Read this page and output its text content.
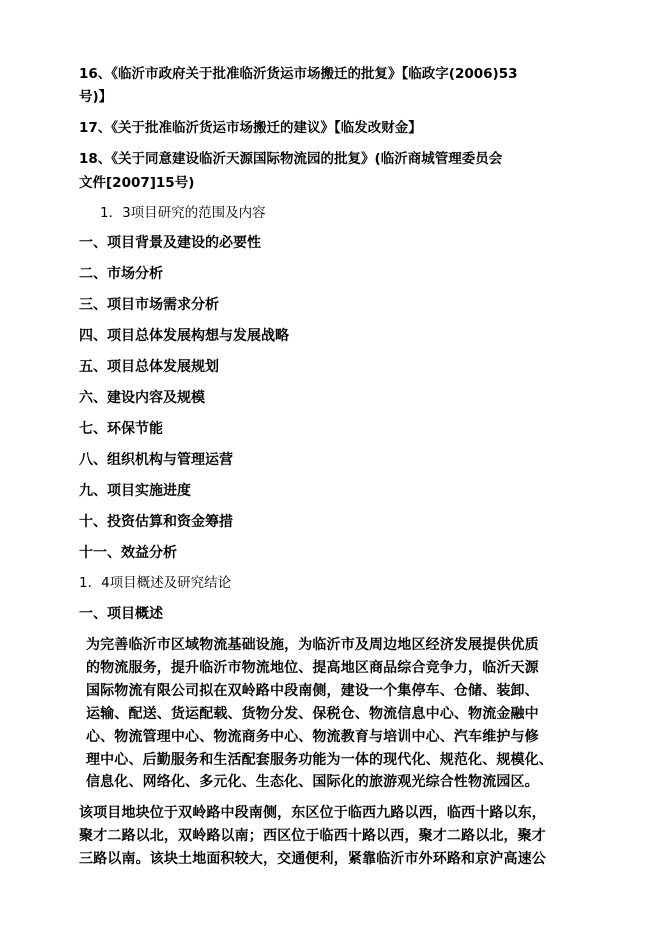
16、《临沂市政府关于批准临沂货运市场搬迁的批复》【临政字(2006)53

号)】

17、《关于批准临沂货运市场搬迁的建议》【临发改财金】

18、《关于同意建设临沂天源国际物流园的批复》(临沂商城管理委员会

文件[2007]15号)

1．3项目研究的范围及内容

一、项目背景及建设的必要性

二、市场分析

三、项目市场需求分析

四、项目总体发展构想与发展战略

五、项目总体发展规划

六、建设内容及规模

七、环保节能

八、组织机构与管理运营

九、项目实施进度

十、投资估算和资金筹措

十一、效益分析

1．4项目概述及研究结论

一、项目概述

为完善临沂市区域物流基础设施，为临沂市及周边地区经济发展提供优质

的物流服务，提升临沂市物流地位、提高地区商品综合竞争力，临沂天源

国际物流有限公司拟在双岭路中段南侧，建设一个集停车、仓储、装卸、

运输、配送、货运配载、货物分发、保税仓、物流信息中心、物流金融中

心、物流管理中心、物流商务中心、物流教育与培训中心、汽车维护与修

理中心、后勤服务和生活配套服务功能为一体的现代化、规范化、规模化、

信息化、网络化、多元化、生态化、国际化的旅游观光综合性物流园区。

该项目地块位于双岭路中段南侧，东区位于临西九路以西，临西十路以东，

聚才二路以北，双岭路以南；西区位于临西十路以西，聚才二路以北，聚才

三路以南。该块土地面积较大，交通便利，紧靠临沂市外环路和京沪高速公
